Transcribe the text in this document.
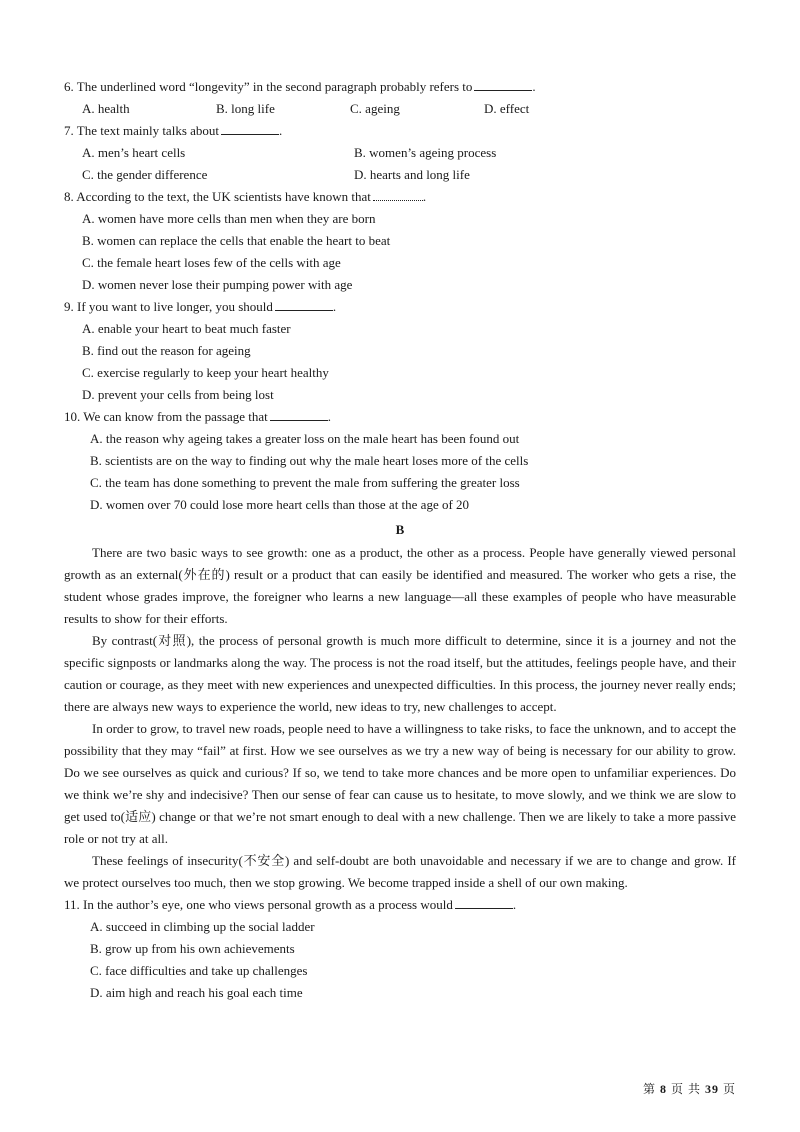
6. The underlined word “longevity” in the second paragraph probably refers to	.
A. health	B. long life	C. ageing	D. effect
7. The text mainly talks about	.
A. men’s heart cells	B. women’s ageing process
C. the gender difference	D. hearts and long life
8. According to the text, the UK scientists have known that	.
A. women have more cells than men when they are born
B. women can replace the cells that enable the heart to beat
C. the female heart loses few of the cells with age
D. women never lose their pumping power with age
9. If you want to live longer, you should	.
A. enable your heart to beat much faster
B. find out the reason for ageing
C. exercise regularly to keep your heart healthy
D. prevent your cells from being lost
10. We can know from the passage that	.
A. the reason why ageing takes a greater loss on the male heart has been found out
B. scientists are on the way to finding out why the male heart loses more of the cells
C. the team has done something to prevent the male from suffering the greater loss
D. women over 70 could lose more heart cells than those at the age of 20
B

There are two basic ways to see growth: one as a product, the other as a process. People have generally viewed personal growth as an external(外在的) result or a product that can easily be identified and measured. The worker who gets a rise, the student whose grades improve, the foreigner who learns a new language—all these examples of people who have measurable results to show for their efforts.

By contrast(对照), the process of personal growth is much more difficult to determine, since it is a journey and not the specific signposts or landmarks along the way. The process is not the road itself, but the attitudes, feelings people have, and their caution or courage, as they meet with new experiences and unexpected difficulties. In this process, the journey never really ends; there are always new ways to experience the world, new ideas to try, new challenges to accept.

In order to grow, to travel new roads, people need to have a willingness to take risks, to face the unknown, and to accept the possibility that they may “fail” at first. How we see ourselves as we try a new way of being is necessary for our ability to grow. Do we see ourselves as quick and curious? If so, we tend to take more chances and be more open to unfamiliar experiences. Do we think we’re shy and indecisive? Then our sense of fear can cause us to hesitate, to move slowly, and we think we are slow to get used to(适应) change or that we’re not smart enough to deal with a new challenge. Then we are likely to take a more passive role or not try at all.

These feelings of insecurity(不安全) and self-doubt are both unavoidable and necessary if we are to change and grow. If we protect ourselves too much, then we stop growing. We become trapped inside a shell of our own making.

11. In the author’s eye, one who views personal growth as a process would	.
A. succeed in climbing up the social ladder
B. grow up from his own achievements
C. face difficulties and take up challenges
D. aim high and reach his goal each time
第 8 页 共 39 页
